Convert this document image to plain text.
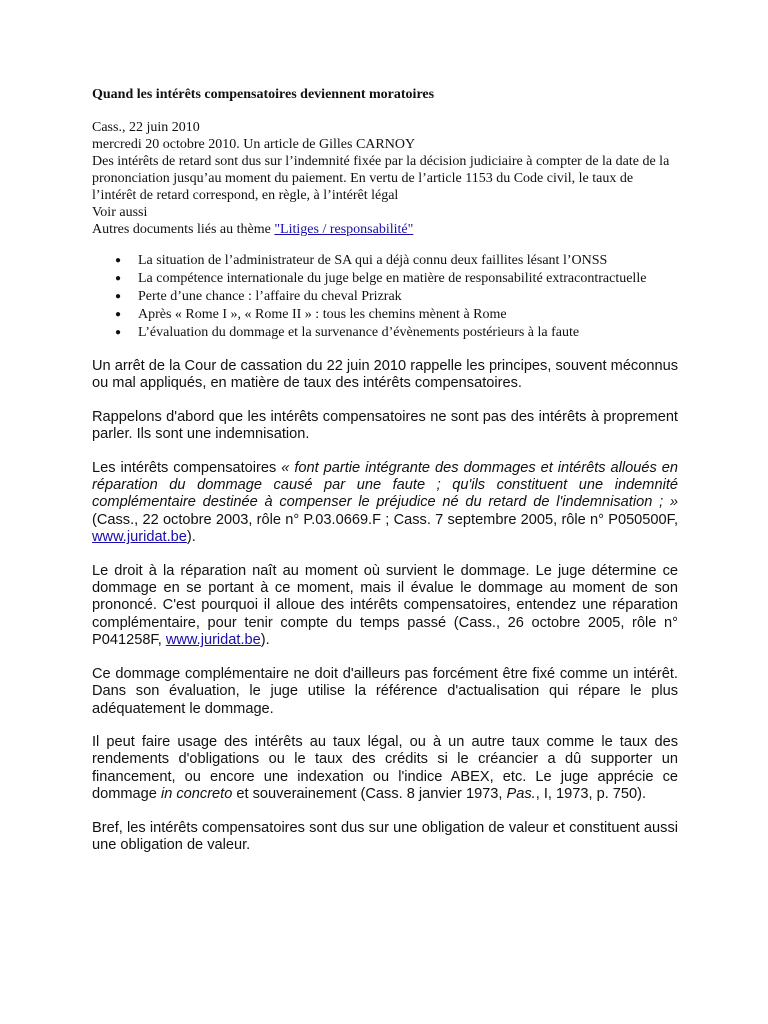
Quand les intérêts compensatoires deviennent moratoires

Cass., 22 juin 2010

mercredi 20 octobre 2010. Un article de Gilles CARNOY

Des intérêts de retard sont dus sur l’indemnité fixée par la décision judiciaire à compter de la date de la prononciation jusqu’au moment du paiement. En vertu de l’article 1153 du Code civil, le taux de l’intérêt de retard correspond, en règle, à l’intérêt légal

Voir aussi

Autres documents liés au thème "Litiges / responsabilité"

● La situation de l’administrateur de SA qui a déjà connu deux faillites lésant l’ONSS
● La compétence internationale du juge belge en matière de responsabilité extracontractuelle
● Perte d’une chance : l’affaire du cheval Prizrak
● Après « Rome I », « Rome II » : tous les chemins mènent à Rome
● L’évaluation du dommage et la survenance d’évènements postérieurs à la faute

Un arrêt de la Cour de cassation du 22 juin 2010 rappelle les principes, souvent méconnus ou mal appliqués, en matière de taux des intérêts compensatoires.

Rappelons d'abord que les intérêts compensatoires ne sont pas des intérêts à proprement parler. Ils sont une indemnisation.

Les intérêts compensatoires « font partie intégrante des dommages et intérêts alloués en réparation du dommage causé par une faute ; qu'ils constituent une indemnité complémentaire destinée à compenser le préjudice né du retard de l'indemnisation ; » (Cass., 22 octobre 2003, rôle n° P.03.0669.F ; Cass. 7 septembre 2005, rôle n° P050500F, www.juridat.be).

Le droit à la réparation naît au moment où survient le dommage. Le juge détermine ce dommage en se portant à ce moment, mais il évalue le dommage au moment de son prononcé. C'est pourquoi il alloue des intérêts compensatoires, entendez une réparation complémentaire, pour tenir compte du temps passé (Cass., 26 octobre 2005, rôle n° P041258F, www.juridat.be).

Ce dommage complémentaire ne doit d'ailleurs pas forcément être fixé comme un intérêt. Dans son évaluation, le juge utilise la référence d'actualisation qui répare le plus adéquatement le dommage.

Il peut faire usage des intérêts au taux légal, ou à un autre taux comme le taux des rendements d'obligations ou le taux des crédits si le créancier a dû supporter un financement, ou encore une indexation ou l'indice ABEX, etc. Le juge apprécie ce dommage in concreto et souverainement (Cass. 8 janvier 1973, Pas., I, 1973, p. 750).

Bref, les intérêts compensatoires sont dus sur une obligation de valeur et constituent aussi une obligation de valeur.
